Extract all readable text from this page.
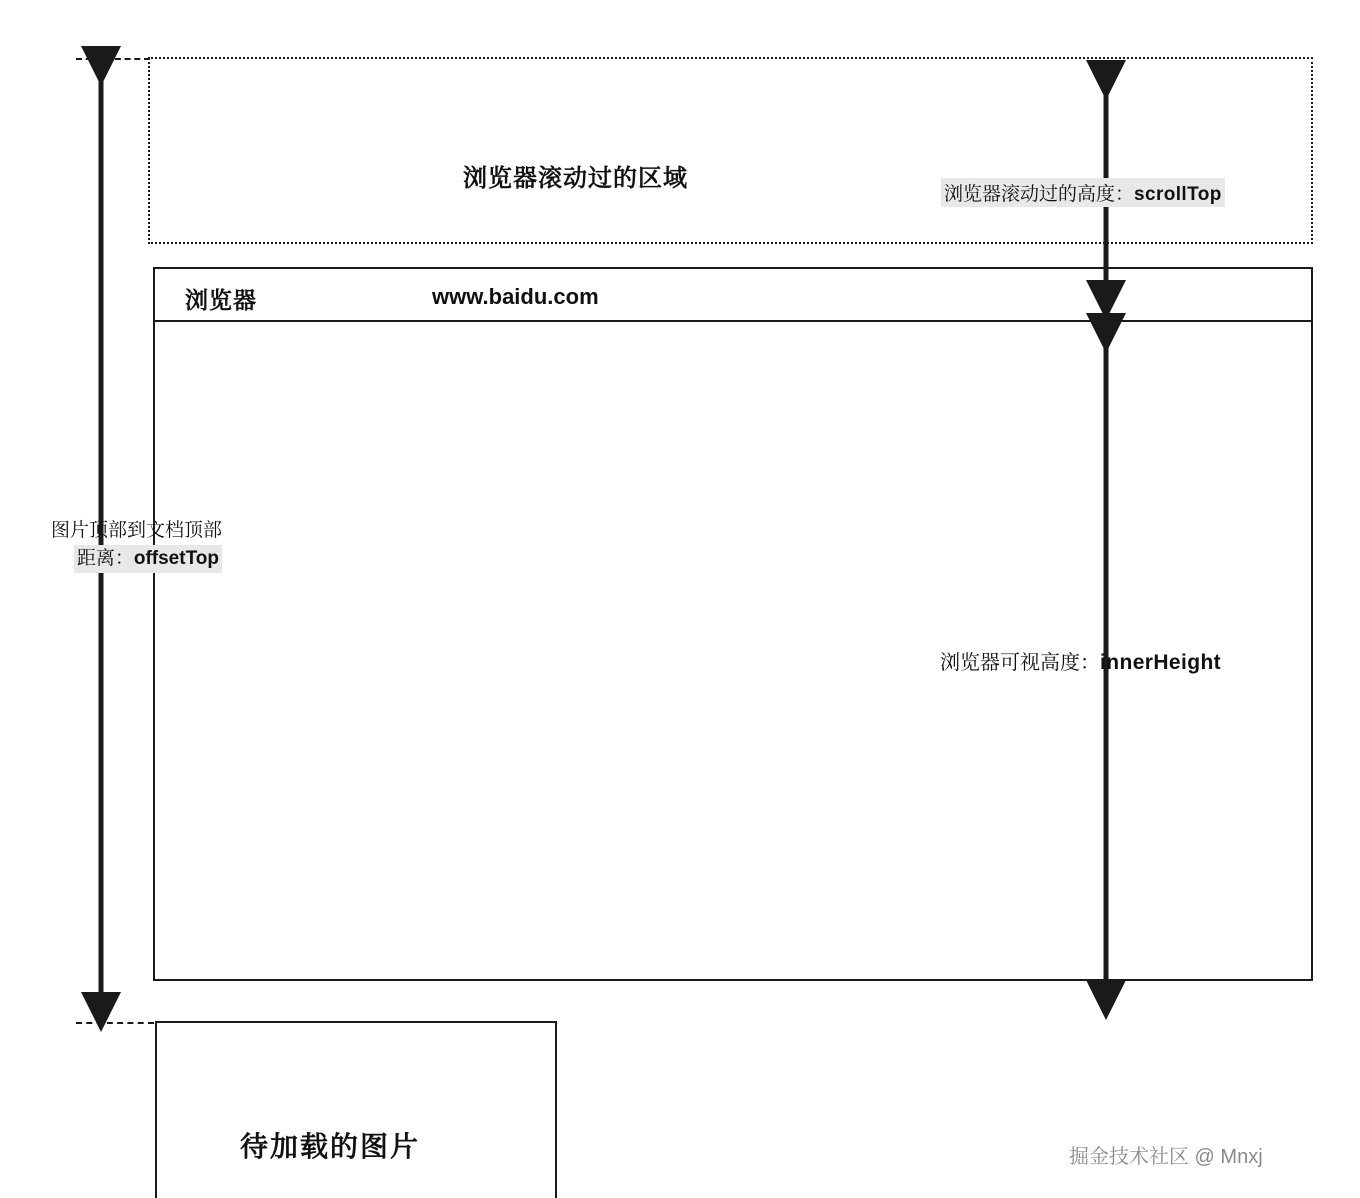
浏览器滚动过的区域
浏览器	www.baidu.com
浏览器滚动过的高度：scrollTop
浏览器可视高度：innerHeight
图片顶部到文档顶部
距离：offsetTop
待加载的图片	掘金技术社区 @ Mnxj
